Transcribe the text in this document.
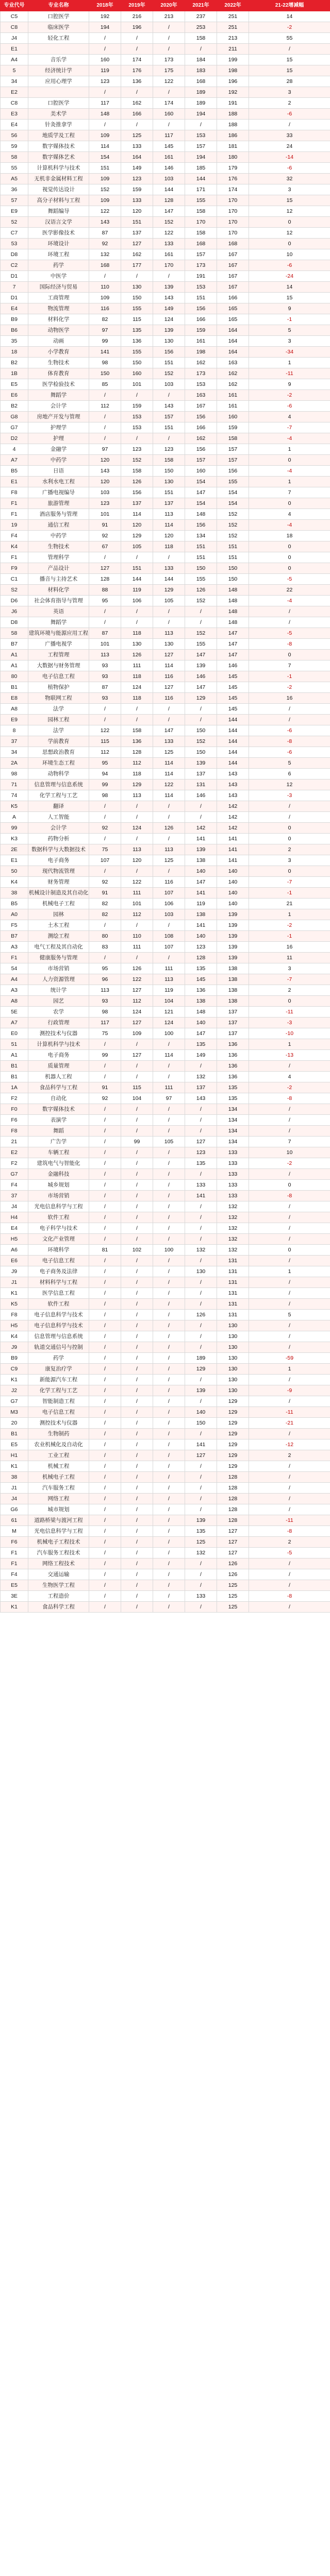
专业代号	专业名称	2018年	2019年	2020年	2021年	2022年	21-22增减幅
C5	口腔医学	192	216	213	237	251	14
C8	临床医学	194	196	/	253	251	-2
J4	轻化工程	/	/	/	158	213	55
E1		/	/	/	/	211	/
A4	音乐学	160	174	173	184	199	15
5	经济统计学	119	176	175	183	198	15
34	应用心理学	123	136	122	168	196	28
E2		/	/	/	189	192	3
C8	口腔医学	117	162	174	189	191	2
E3	美术学	148	166	160	194	188	-6
E4	针灸推拿学	/	/	/	/	188	/
56	地质学及工程	109	125	117	153	186	33
59	数字媒体技术	114	133	145	157	181	24
58	数字媒体艺术	154	164	161	194	180	-14
55	计算机科学与技术	151	149	146	185	179	-6
A5	无机非金属材料工程	109	123	103	144	176	32
36	视觉传达设计	152	159	144	171	174	3
57	高分子材料与工程	109	133	128	155	170	15
E9	舞蹈编导	122	120	147	158	170	12
52	汉语言文学	143	151	152	170	170	0
C7	医学影像技术	87	137	122	158	170	12
53	环境设计	92	127	133	168	168	0
D8	环境工程	132	162	161	157	167	10
C2	药学	168	177	170	173	167	-6
D1	中医学	/	/	/	191	167	-24
7	国际经济与贸易	110	130	139	153	167	14
D1	工商管理	109	150	143	151	166	15
E4	物流管理	116	155	149	156	165	9
B9	材料化学	82	115	124	166	165	-1
B6	动物医学	97	135	139	159	164	5
35	动画	99	136	130	161	164	3
18	小学教育	141	155	156	198	164	-34
B2	生物技术	98	150	151	162	163	1
1B	体育教育	150	160	152	173	162	-11
E5	医学检验技术	85	101	103	153	162	9
E6	舞蹈学	/	/	/	163	161	-2
B2	会计学	112	159	143	167	161	-6
G8	房地产开发与管理	/	153	157	156	160	4
G7	护理学	/	153	151	166	159	-7
D2	护理	/	/	/	162	158	-4
4	金融学	97	123	123	156	157	1
A7	中药学	120	152	158	157	157	0
B5	日语	143	158	150	160	156	-4
E1	水利水电工程	120	126	130	154	155	1
F8	广播电视编导	103	156	151	147	154	7
F1	旅游管理	123	137	137	154	154	0
F1	酒店服务与管理	101	114	113	148	152	4
19	通信工程	91	120	114	156	152	-4
F4	中药学	92	129	120	134	152	18
K4	生物技术	67	105	118	151	151	0
F1	管理科学	/	/	/	151	151	0
F9	产品设计	127	151	133	150	150	0
C1	播音与主持艺术	128	144	144	155	150	-5
S2	材料化学	88	119	129	126	148	22
D6	社会体育指导与管理	95	106	105	152	148	-4
J6	英语	/	/	/	/	148	/
D8	舞蹈学	/	/	/	/	148	/
58	建筑环境与能源应用工程	87	118	113	152	147	-5
B7	广播电视学	101	130	130	155	147	-8
A1	工程管理	113	126	127	147	147	0
A1	大数据与财务管理	93	111	114	139	146	7
80	电子信息工程	93	118	116	146	145	-1
B1	植物保护	87	124	127	147	145	-2
E8	物联网工程	93	118	116	129	145	16
A8	法学	/	/	/	/	145	/
E9	园林工程	/	/	/	/	144	/
8	法学	122	158	147	150	144	-6
37	学前教育	115	136	133	152	144	-8
34	思想政治教育	112	128	125	150	144	-6
2A	环境生态工程	95	112	114	139	144	5
98	动物科学	94	118	114	137	143	6
71	信息管理与信息系统	99	129	122	131	143	12
74	化学工程与工艺	98	113	114	146	143	-3
K5	翻译	/	/	/	/	142	/
A	人工智能	/	/	/	/	142	/
99	会计学	92	124	126	142	142	0
K3	药物分析	/	/	/	141	141	0
2E	数据科学与大数据技术	75	113	113	139	141	2
E1	电子商务	107	120	125	138	141	3
50	现代物流管理	/	/	/	140	140	0
K4	财务管理	92	122	116	147	140	-7
38	机械设计制造及其自动化	91	111	107	141	140	-1
B5	机械电子工程	82	101	106	119	140	21
A0	园林	82	112	103	138	139	1
F5	土木工程	/	/	/	141	139	-2
B7	测绘工程	80	110	108	140	139	-1
A3	电气工程及其自动化	83	111	107	123	139	16
F1	健康服务与管理	/	/	/	128	139	11
54	市场营销	95	126	111	135	138	3
A4	人力资源管理	96	122	113	145	138	-7
A3	统计学	113	127	119	136	138	2
A8	园艺	93	112	104	138	138	0
5E	农学	98	124	121	148	137	-11
A7	行政管理	117	127	124	140	137	-3
E0	测控技术与仪器	75	109	100	147	137	-10
51	计算机科学与技术	/	/	/	135	136	1
A1	电子商务	99	127	114	149	136	-13
B1	质量管理	/	/	/	/	136	/
B1	机器人工程	/	/	/	132	136	4
1A	食品科学与工程	91	115	111	137	135	-2
F2	自动化	92	104	97	143	135	-8
F0	数字媒体技术	/	/	/	/	134	/
F6	表演学	/	/	/	/	134	/
F8	舞蹈	/	/	/	/	134	/
21	广告学	/	99	105	127	134	7
E2	车辆工程	/	/	/	123	133	10
F2	建筑电气与智能化	/	/	/	135	133	-2
G7	金融科技	/	/	/	/	133	/
F4	城乡规划	/	/	/	133	133	0
37	市场营销	/	/	/	141	133	-8
J4	光电信息科学与工程	/	/	/	/	132	/
H4	软件工程	/	/	/	/	132	/
E4	电子科学与技术	/	/	/	/	132	/
H5	文化产业管理	/	/	/	/	132	/
A6	环境科学	81	102	100	132	132	0
E6	电子信息工程	/	/	/	/	131	/
J9	电子商务及法律	/	/	/	130	131	1
J1	材料科学与工程	/	/	/	/	131	/
K1	医学信息工程	/	/	/	/	131	/
K5	软件工程	/	/	/	/	131	/
F8	电子信息科学与技术	/	/	/	126	131	5
H5	电子信息科学与技术	/	/	/	/	130	/
K4	信息管理与信息系统	/	/	/	/	130	/
J9	轨道交通信号与控制	/	/	/	/	130	/
B9	药学	/	/	/	189	130	-59
C9	康复治疗学	/	/	/	129	130	1
K1	新能源汽车工程	/	/	/	/	130	/
J2	化学工程与工艺	/	/	/	139	130	-9
G7	智能制造工程	/	/	/	/	129	/
M3	电子信息工程	/	/	/	140	129	-11
20	测控技术与仪器	/	/	/	150	129	-21
B1	生物制药	/	/	/	/	129	/
E5	农业机械化及自动化	/	/	/	141	129	-12
H1	工业工程	/	/	/	127	129	2
K1	机械工程	/	/	/	/	129	/
38	机械电子工程	/	/	/	/	128	/
J1	汽车服务工程	/	/	/	/	128	/
J4	网络工程	/	/	/	/	128	/
G6	城市规划	/	/	/	/	128	/
61	道路桥梁与渡河工程	/	/	/	139	128	-11
M	光电信息科学与工程	/	/	/	135	127	-8
F6	机械电子工程技术	/	/	/	125	127	2
F1	汽车服务工程技术	/	/	/	132	127	-5
F1	网络工程技术	/	/	/	/	126	/
F4	交通运输	/	/	/	/	126	/
E5	生物医学工程	/	/	/	/	125	/
3E	工程造价	/	/	/	133	125	-8
K1	食品科学工程	/	/	/	/	125	/
